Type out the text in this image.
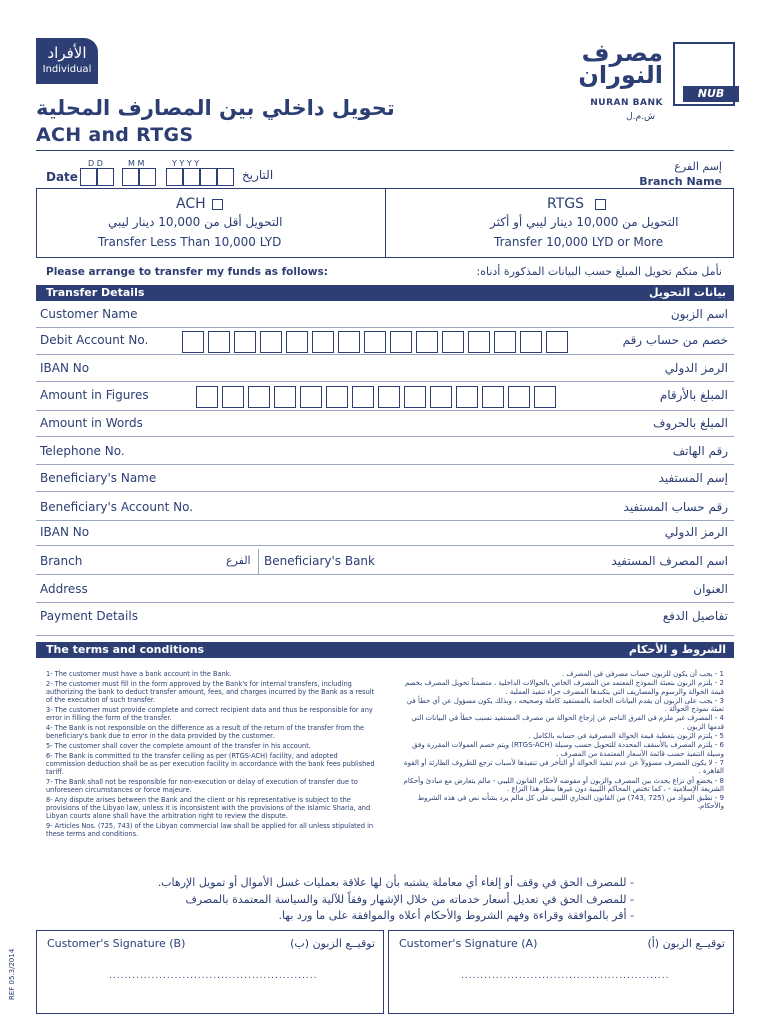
الأفراد
Individual
تحويل داخلي بين المصارف المحلية
ACH and RTGS
مصرف النوران
NURAN BANK
ش.م.ل
NUB
Date
D D	M M	Y Y Y Y
التاريخ
إسم الفرع
Branch Name
ACH
التحويل أقل من 10,000 دينار ليبي
Transfer Less Than 10,000 LYD
RTGS
التحويل من 10,000 دينار ليبي أو أكثر
Transfer 10,000 LYD or More
Please arrange to transfer my funds as follows:	نأمل منكم تحويل المبلغ حسب البيانات المذكورة أدناه:
Transfer Details	بيانات التحويل
Customer Name	اسم الزبون
Debit Account No.	خصم من حساب رقم
IBAN No	الرمز الدولي
Amount in Figures	المبلغ بالأرقام
Amount in Words	المبلغ بالحروف
Telephone No.	رقم الهاتف
Beneficiary's Name	إسم المستفيد
Beneficiary's Account No.	رقم حساب المستفيد
IBAN No	الرمز الدولي
Branch	الفرع Beneficiary's Bank	اسم المصرف المستفيد
Address	العنوان
Payment Details	تفاصيل الدفع
The terms and conditions	الشروط و الأحكام

1- The customer must have a bank account in the Bank.

2- The customer must fill in the form approved by the Bank's for internal transfers, including authorizing the bank to deduct transfer amount, fees, and charges incurred by the Bank as a result of the execution of such transfer.

3- The customer must provide complete and correct recipient data and thus be responsible for any error in filling the form of the transfer.

4- The Bank is not responsible on the difference as a result of the return of the transfer from the beneficiary's bank due to error in the data provided by the customer.

5- The customer shall cover the complete amount of the transfer in his account.

6- The Bank is committed to the transfer ceiling as per (RTGS-ACH) facility, and adopted commission deduction shall be as per execution facility in accordance with the bank fees published tariff.

7- The Bank shall not be responsible for non-execution or delay of execution of transfer due to unforeseen circumstances or force majeure.

8- Any dispute arises between the Bank and the client or his representative is subject to the provisions of the Libyan law, unless it is inconsistent with the provisions of the Islamic Sharia, and Libyan courts alone shall have the arbitration right to review the dispute.

9- Articles Nos. (725, 743) of the Libyan commercial law shall be applied for all unless stipulated in these terms and conditions.

1 - يجب أن يكون للزبون حساب مصرفي في المصرف .

2 - يلتزم الزبون بتعبئة النموذج المعتمد من المصرف الخاص بالحوالات الداخلية ، متضمناً تخويل المصرف بخصم قيمة الحوالة والرسوم والمصاريف التي يتكبدها المصرف جراء تنفيذ العملية .

3 - يجب على الزبون أن يقدم البيانات الخاصة بالمستفيد كاملة وصحيحه ، وبذلك يكون مسؤول عن أي خطأ في تعبئة نموذج الحوالة .

4 - المصرف غير ملزم في الفرق الناجم عن إرجاع الحوالة من مصرف المستفيد نسبب خطأ في البيانات التي قدمها الزبون .

5 - يلتزم الزبون بتغطية قيمة الحوالة المصرفية في حسابه بالكامل .

6 - يلتزم المصرف بالأسقف المحددة للتحويل حسب وسيلة (RTGS-ACH) ويتم خصم العمولات المقررة وفق وسيلة التنفيذ حسب قائمة الأسعار المعتمدة من المصرف .

7 - لا يكون المصرف مسؤولاً عن عدم تنفيذ الحوالة أو التأخر في تنفيذها لأسباب ترجع للظروف الطارئة أو القوة القاهرة .

8 - يخضع أي نزاع يحدث بين المصرف والزبون أو مفوضه لأحكام القانون الليبي - مالم يتعارض مع مبادئ وأحكام الشريعة الإسلامية - ، كما تختص المحاكم الليبية دون غيرها بنظر هذا النزاع .

9 - تطبق المواد من (725 ,743) من القانون التجاري الليبي على كل مالم يرد بشأنه نص في هذه الشروط والأحكام.

- للمصرف الحق في وقف أو إلغاء أي معاملة يشتبه بأن لها علاقة بعمليات غسل الأموال أو تمويل الإرهاب.
- للمصرف الحق في تعديل أسعار خدماته من خلال الإشهار وفقاً للآلية والسياسة المعتمدة بالمصرف
- أقر بالموافقة وقراءة وفهم الشروط والأحكام أعلاه والموافقة على ما ورد بها.
Customer's Signature (B)	توقيــع الزبون (ب)
......................................................
Customer's Signature (A)	توقيــع الزبون (أ)
......................................................
REF 05.3/2014
